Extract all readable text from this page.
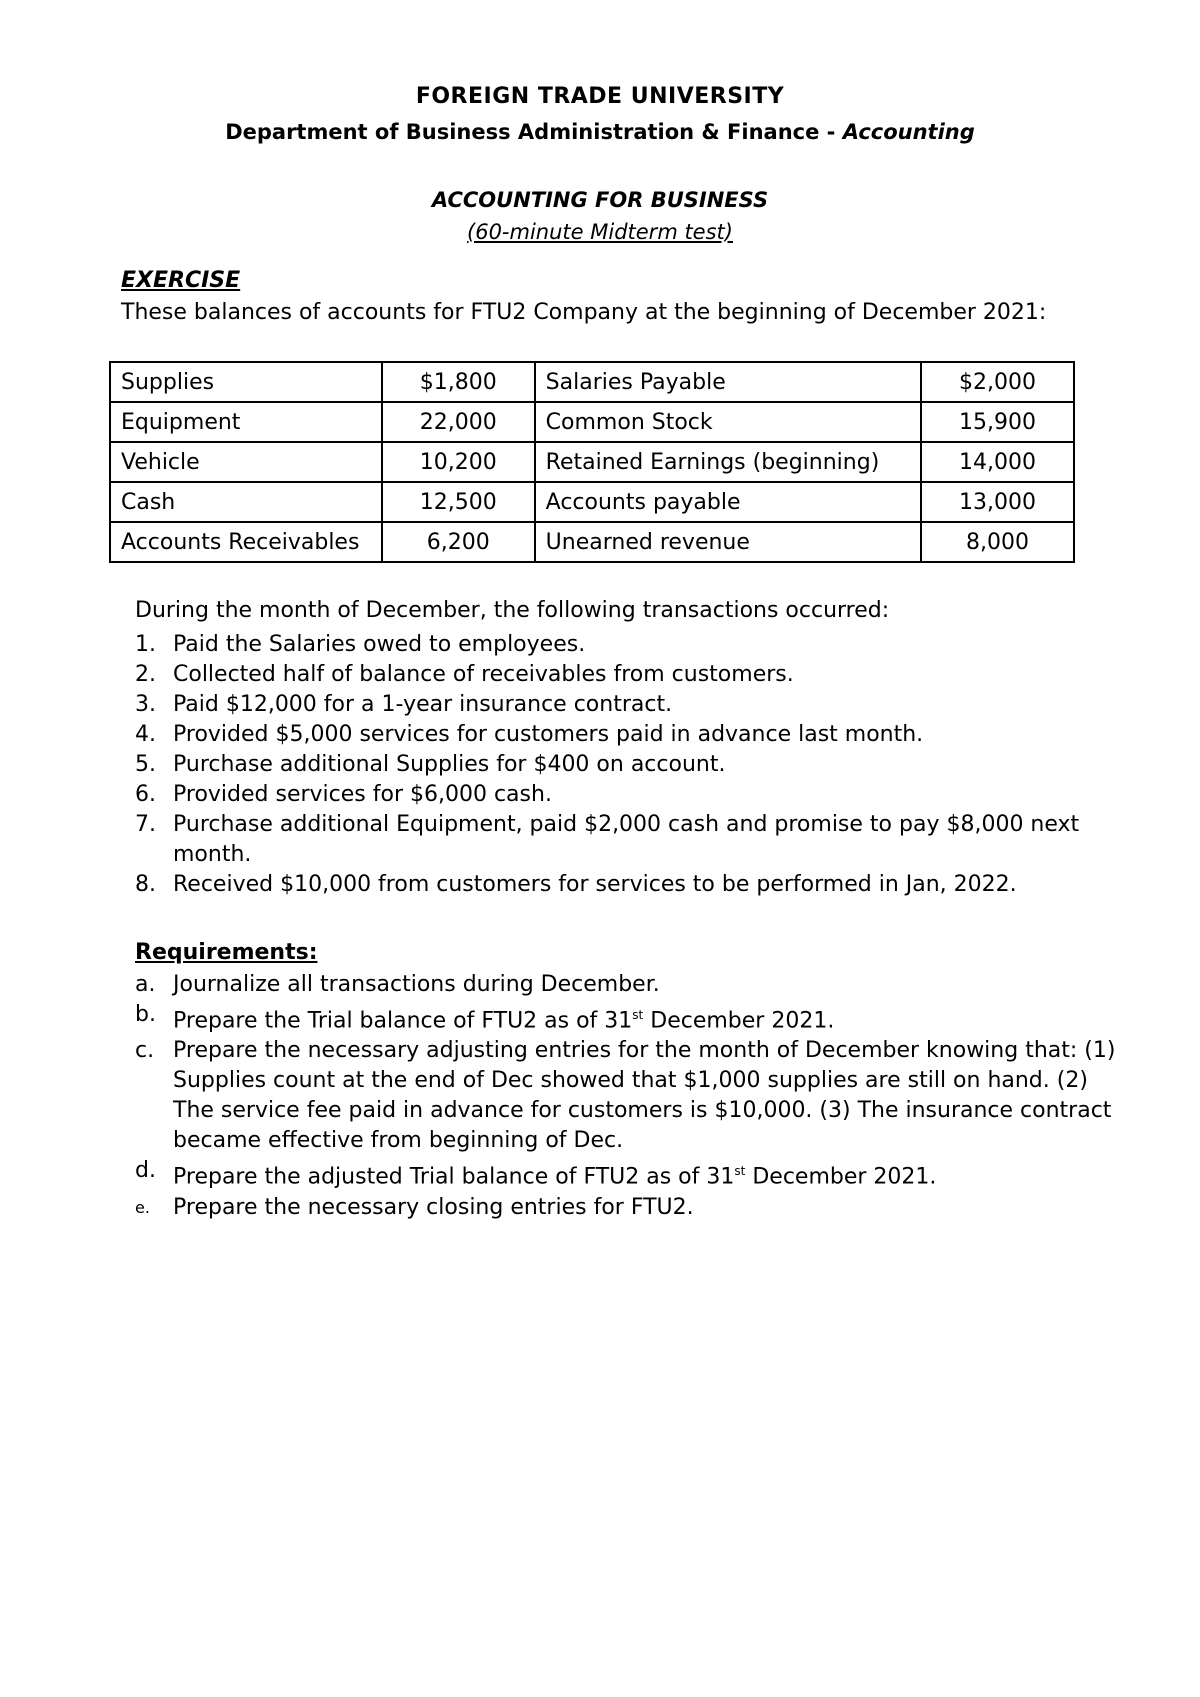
FOREIGN TRADE UNIVERSITY
Department of Business Administration & Finance - Accounting
ACCOUNTING FOR BUSINESS
(60-minute Midterm test)
EXERCISE
These balances of accounts for FTU2 Company at the beginning of December 2021:
Supplies	$1,800	Salaries Payable	$2,000
Equipment	22,000	Common Stock	15,900
Vehicle	10,200	Retained Earnings (beginning)	14,000
Cash	12,500	Accounts payable	13,000
Accounts Receivables	6,200	Unearned revenue	8,000
During the month of December, the following transactions occurred:
1. Paid the Salaries owed to employees.
2. Collected half of balance of receivables from customers.
3. Paid $12,000 for a 1-year insurance contract.
4. Provided $5,000 services for customers paid in advance last month.
5. Purchase additional Supplies for $400 on account.
6. Provided services for $6,000 cash.
7. Purchase additional Equipment, paid $2,000 cash and promise to pay $8,000 next month.
8. Received $10,000 from customers for services to be performed in Jan, 2022.
Requirements:
a. Journalize all transactions during December.
b. Prepare the Trial balance of FTU2 as of 31st December 2021.
c. Prepare the necessary adjusting entries for the month of December knowing that: (1) Supplies count at the end of Dec showed that $1,000 supplies are still on hand. (2) The service fee paid in advance for customers is $10,000. (3) The insurance contract became effective from beginning of Dec.
d. Prepare the adjusted Trial balance of FTU2 as of 31st December 2021.
e. Prepare the necessary closing entries for FTU2.
